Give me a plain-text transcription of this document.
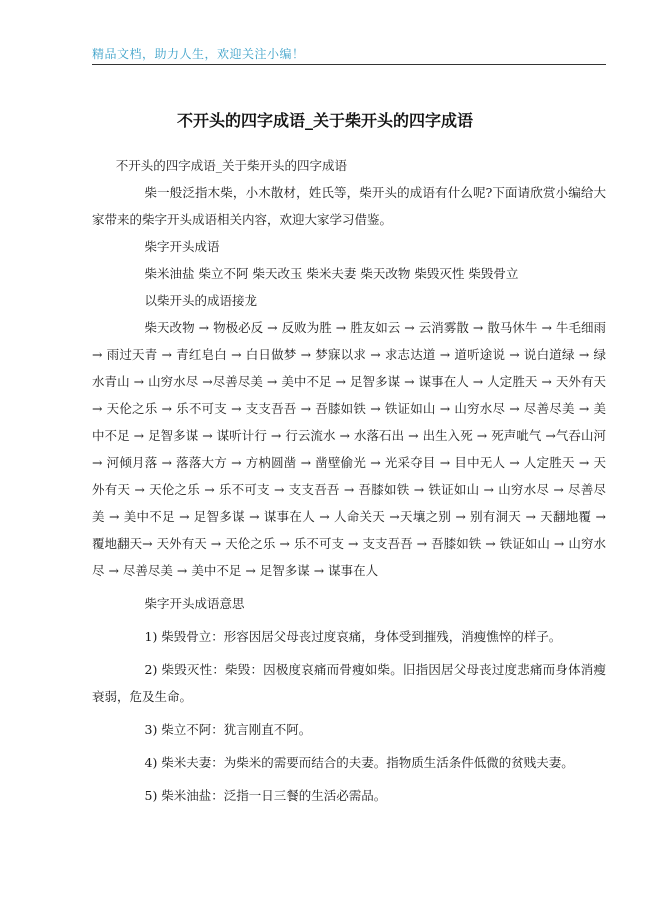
精品文档，助力人生，欢迎关注小编！
不开头的四字成语_关于柴开头的四字成语

不开头的四字成语_关于柴开头的四字成语

柴一般泛指木柴，小木散材，姓氏等，柴开头的成语有什么呢?下面请欣赏小编给大家带来的柴字开头成语相关内容，欢迎大家学习借鉴。

柴字开头成语

柴米油盐 柴立不阿 柴天改玉 柴米夫妻 柴天改物 柴毁灭性 柴毁骨立

以柴开头的成语接龙

柴天改物 → 物极必反 → 反败为胜 → 胜友如云 → 云消雾散 → 散马休牛 → 牛毛细雨 → 雨过天青 → 青红皂白 → 白日做梦 → 梦寐以求 → 求志达道 → 道听途说 → 说白道绿 → 绿水青山 → 山穷水尽 →尽善尽美 → 美中不足 → 足智多谋 → 谋事在人 → 人定胜天 → 天外有天 → 天伦之乐 → 乐不可支 → 支支吾吾 → 吾膝如铁 → 铁证如山 → 山穷水尽 → 尽善尽美 → 美中不足 → 足智多谋 → 谋听计行 → 行云流水 → 水落石出 → 出生入死 → 死声呲气 →气吞山河 → 河倾月落 → 落落大方 → 方枘圆凿 → 凿壁偷光 → 光采夺目 → 目中无人 → 人定胜天 → 天外有天 → 天伦之乐 → 乐不可支 → 支支吾吾 → 吾膝如铁 → 铁证如山 → 山穷水尽 → 尽善尽美 → 美中不足 → 足智多谋 → 谋事在人 → 人命关天 →天壤之别 → 别有洞天 → 天翻地覆 → 覆地翻天→ 天外有天 → 天伦之乐 → 乐不可支 → 支支吾吾 → 吾膝如铁 → 铁证如山 → 山穷水尽 → 尽善尽美 → 美中不足 → 足智多谋 → 谋事在人

柴字开头成语意思

1) 柴毁骨立：形容因居父母丧过度哀痛，身体受到摧残，消瘦憔悴的样子。

2) 柴毁灭性：柴毁：因极度哀痛而骨瘦如柴。旧指因居父母丧过度悲痛而身体消瘦衰弱，危及生命。

3) 柴立不阿：犹言刚直不阿。

4) 柴米夫妻：为柴米的需要而结合的夫妻。指物质生活条件低微的贫贱夫妻。

5) 柴米油盐：泛指一日三餐的生活必需品。
